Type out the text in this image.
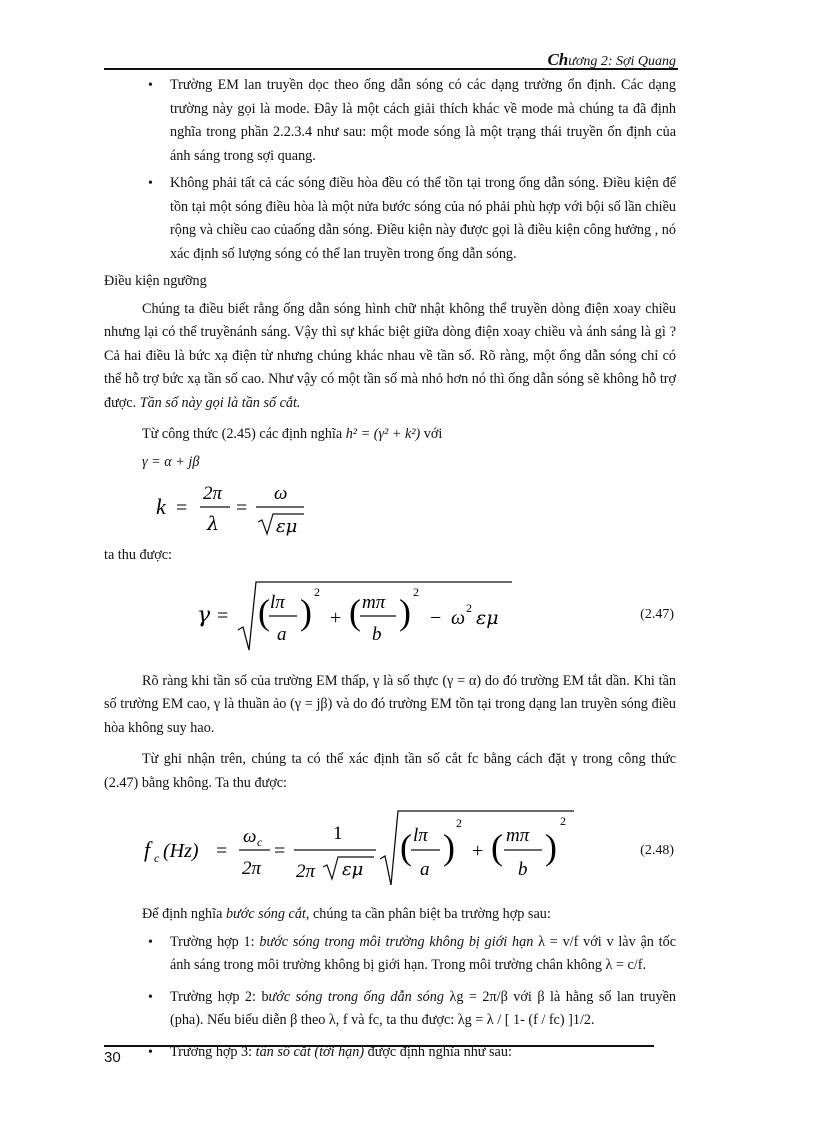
Chương 2: Sợi Quang
• Trường EM lan truyền dọc theo ống dẫn sóng có các dạng trường ổn định. Các dạng trường này gọi là mode. Đây là một cách giải thích khác về mode mà chúng ta đã định nghĩa trong phần 2.2.3.4 như sau: một mode sóng là một trạng thái truyền ổn định của ánh sáng trong sợi quang.
• Không phải tất cả các sóng điều hòa đều có thể tồn tại trong ống dẫn sóng. Điều kiện để tồn tại một sóng điều hòa là một nửa bước sóng của nó phải phù hợp với bội số lần chiều rộng và chiều cao củaống dẫn sóng. Điều kiện này được gọi là điều kiện công hưởng , nó xác định số lượng sóng có thể lan truyền trong ống dẫn sóng.

Điều kiện ngưỡng

Chúng ta điều biết rằng ống dẫn sóng hình chữ nhật không thể truyền dòng điện xoay chiều nhưng lại có thể truyềnánh sáng. Vậy thì sự khác biệt giữa dòng điện xoay chiều và ánh sáng là gì ? Cả hai điều là bức xạ điện từ nhưng chúng khác nhau về tần số. Rõ ràng, một ống dẫn sóng chỉ có thể hỗ trợ bức xạ tần số cao. Như vậy có một tần số mà nhỏ hơn nó thì ống dẫn sóng sẽ không hỗ trợ được. Tần số này gọi là tần số cắt.

Từ công thức (2.45) các định nghĩa h² = (γ² + k²) với

γ = α + jβ

k =
2π
λ
=
ω
εμ

ta thu được:

γ = ( lπ
a
) 2
+ ( mπ
b
) 2
− ω 2 εμ	(2.47)

Rõ ràng khi tần số của trường EM thấp, γ là số thực (γ = α) do đó trường EM tắt dần. Khi tần số trường EM cao, γ là thuần ảo (γ = jβ) và do đó trường EM tồn tại trong dạng lan truyền sóng điều hòa không suy hao.

Từ ghi nhận trên, chúng ta có thể xác định tần số cắt fc bằng cách đặt γ trong công thức (2.47) bằng không. Ta thu được:

f c (Hz) =
ω c
2π
=
1
2π εμ
( lπ
a
)
2
+ ( mπ
b
)
2
(2.48)

Để định nghĩa bước sóng cắt, chúng ta cần phân biệt ba trường hợp sau:

• Trường hợp 1: bước sóng trong môi trường không bị giới hạn λ = v/f với v làv ận tốc ánh sáng trong môi trường không bị giới hạn. Trong môi trường chân không λ = c/f.
• Trường hợp 2: bước sóng trong ống dẫn sóng λg = 2π/β với β là hằng số lan truyền (pha). Nếu biểu diễn β theo λ, f và fc, ta thu được: λg = λ / [ 1- (f / fc) ]1/2.
• Trường hợp 3: tần số cắt (tới hạn) được định nghĩa như sau:
30
